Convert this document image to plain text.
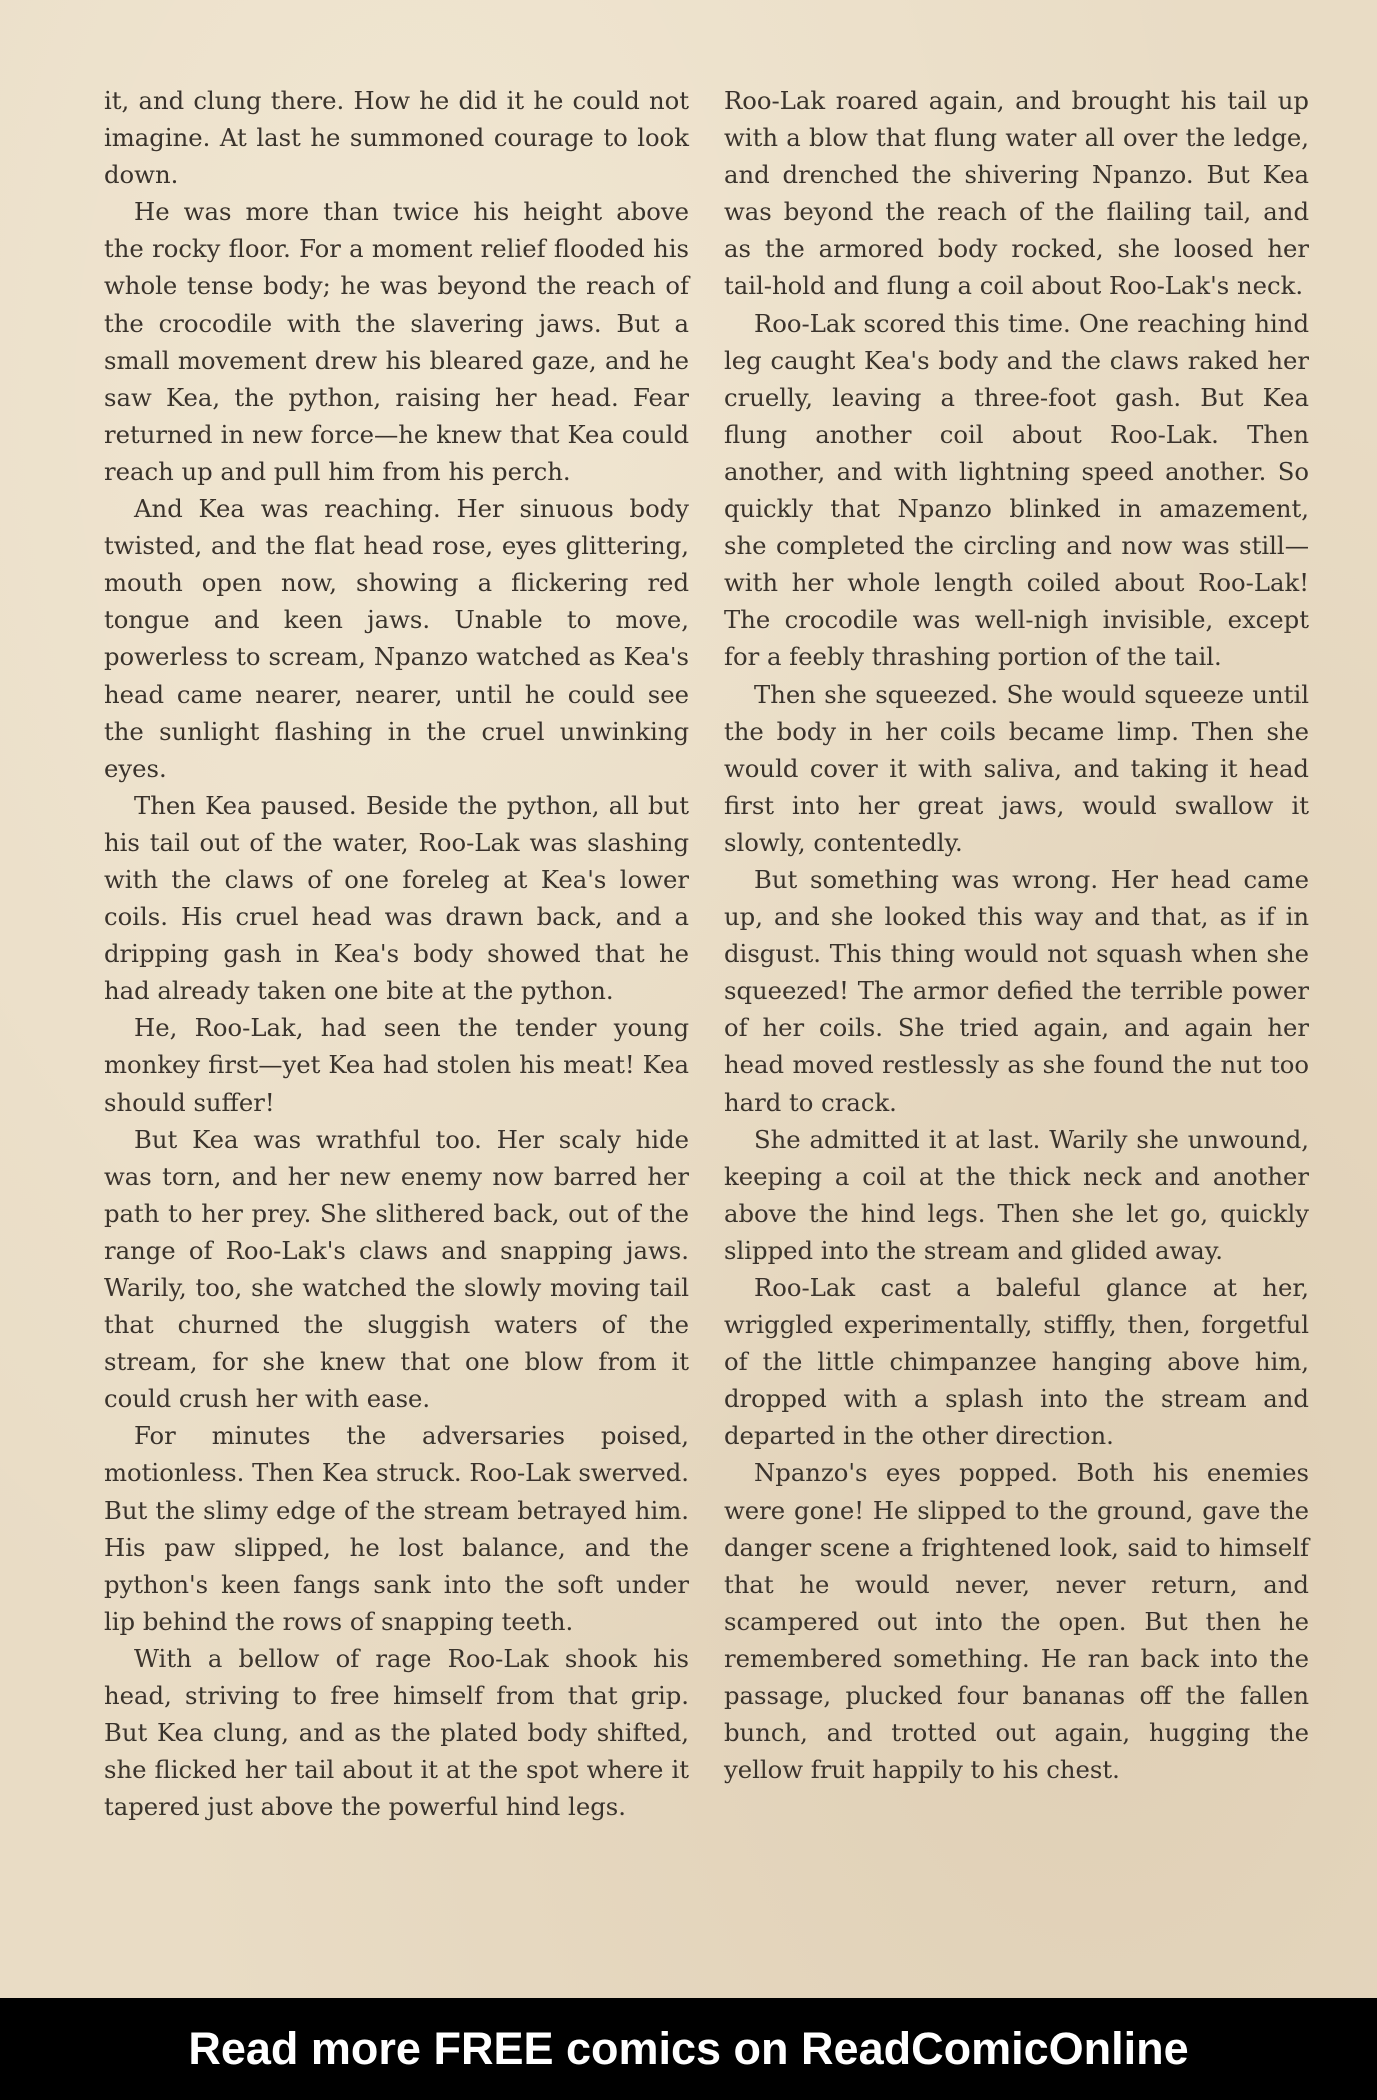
it, and clung there. How he did it he could not imagine. At last he summoned courage to look down.

He was more than twice his height above the rocky floor. For a moment relief flooded his whole tense body; he was beyond the reach of the crocodile with the slavering jaws. But a small movement drew his bleared gaze, and he saw Kea, the python, raising her head. Fear returned in new force—he knew that Kea could reach up and pull him from his perch.

And Kea was reaching. Her sinuous body twisted, and the flat head rose, eyes glittering, mouth open now, showing a flickering red tongue and keen jaws. Unable to move, powerless to scream, Npanzo watched as Kea's head came nearer, nearer, until he could see the sunlight flashing in the cruel unwinking eyes.

Then Kea paused. Beside the python, all but his tail out of the water, Roo-Lak was slashing with the claws of one foreleg at Kea's lower coils. His cruel head was drawn back, and a dripping gash in Kea's body showed that he had already taken one bite at the python.

He, Roo-Lak, had seen the tender young monkey first—yet Kea had stolen his meat! Kea should suffer!

But Kea was wrathful too. Her scaly hide was torn, and her new enemy now barred her path to her prey. She slithered back, out of the range of Roo-Lak's claws and snapping jaws. Warily, too, she watched the slowly moving tail that churned the sluggish waters of the stream, for she knew that one blow from it could crush her with ease.

For minutes the adversaries poised, motionless. Then Kea struck. Roo-Lak swerved. But the slimy edge of the stream betrayed him. His paw slipped, he lost balance, and the python's keen fangs sank into the soft under lip behind the rows of snapping teeth.

With a bellow of rage Roo-Lak shook his head, striving to free himself from that grip. But Kea clung, and as the plated body shifted, she flicked her tail about it at the spot where it tapered just above the powerful hind legs.

Roo-Lak roared again, and brought his tail up with a blow that flung water all over the ledge, and drenched the shivering Npanzo. But Kea was beyond the reach of the flailing tail, and as the armored body rocked, she loosed her tail-hold and flung a coil about Roo-Lak's neck.

Roo-Lak scored this time. One reaching hind leg caught Kea's body and the claws raked her cruelly, leaving a three-foot gash. But Kea flung another coil about Roo-Lak. Then another, and with lightning speed another. So quickly that Npanzo blinked in amazement, she completed the circling and now was still—with her whole length coiled about Roo-Lak! The crocodile was well-nigh invisible, except for a feebly thrashing portion of the tail.

Then she squeezed. She would squeeze until the body in her coils became limp. Then she would cover it with saliva, and taking it head first into her great jaws, would swallow it slowly, contentedly.

But something was wrong. Her head came up, and she looked this way and that, as if in disgust. This thing would not squash when she squeezed! The armor defied the terrible power of her coils. She tried again, and again her head moved restlessly as she found the nut too hard to crack.

She admitted it at last. Warily she unwound, keeping a coil at the thick neck and another above the hind legs. Then she let go, quickly slipped into the stream and glided away.

Roo-Lak cast a baleful glance at her, wriggled experimentally, stiffly, then, forgetful of the little chimpanzee hanging above him, dropped with a splash into the stream and departed in the other direction.

Npanzo's eyes popped. Both his enemies were gone! He slipped to the ground, gave the danger scene a frightened look, said to himself that he would never, never return, and scampered out into the open. But then he remembered something. He ran back into the passage, plucked four bananas off the fallen bunch, and trotted out again, hugging the yellow fruit happily to his chest.

Read more FREE comics on ReadComicOnline
